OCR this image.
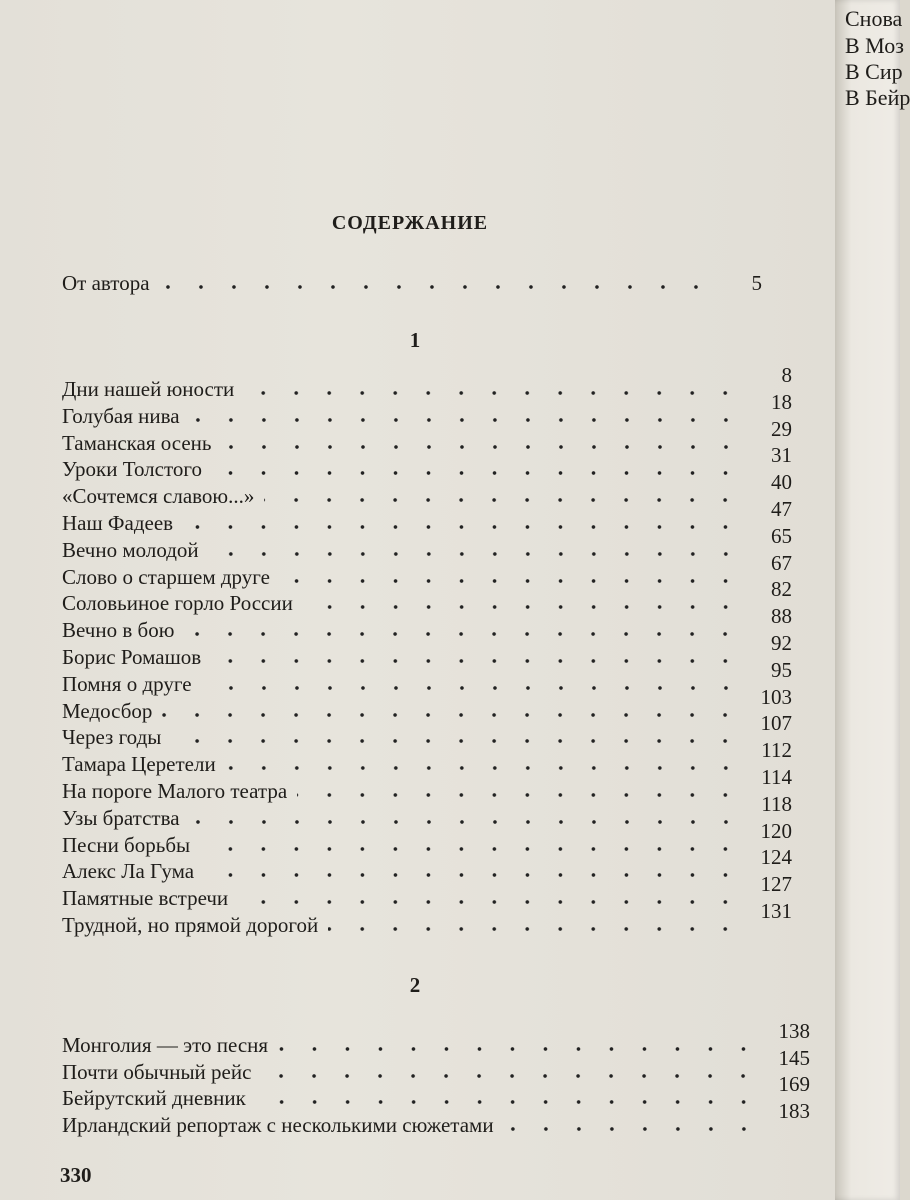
Снова
В Моз
В Сир
В Бейр
СОДЕРЖАНИЕ
От автора	5
1
Дни нашей юности
8
Голубая нива
18
Таманская осень
29
Уроки Толстого
31
«Сочтемся славою...»
40
Наш Фадеев
47
Вечно молодой
65
Слово о старшем друге
67
Соловьиное горло России
82
Вечно в бою
88
Борис Ромашов
92
Помня о друге
95
Медосбор
103
Через годы
107
Тамара Церетели
112
На пороге Малого театра
114
Узы братства
118
Песни борьбы
120
Алекс Ла Гума
124
Памятные встречи
127
Трудной, но прямой дорогой
131
2
Монголия — это песня
138
Почти обычный рейс
145
Бейрутский дневник
169
Ирландский репортаж с несколькими сюжетами
183
330
